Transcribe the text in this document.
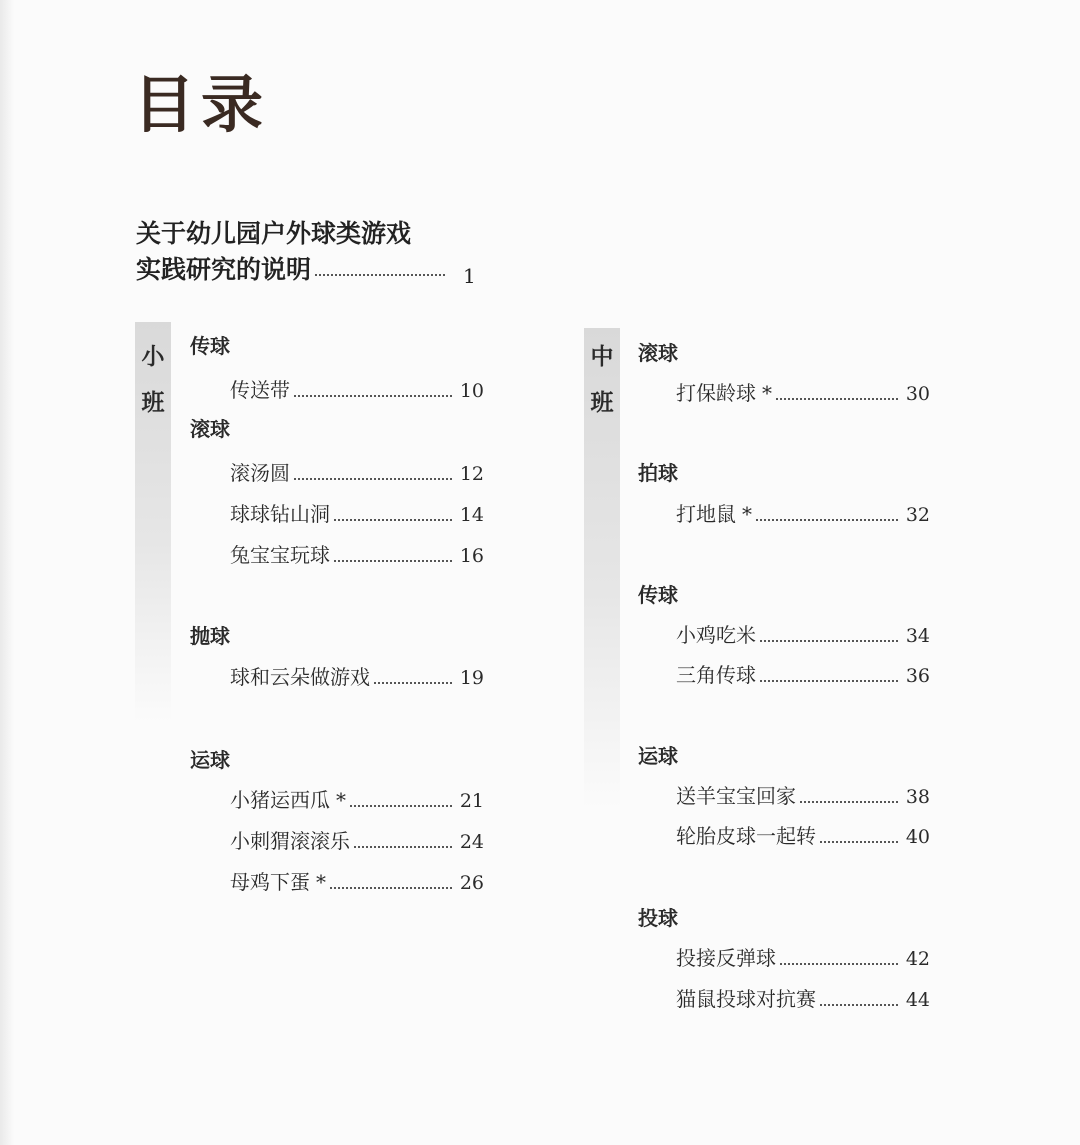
目录
关于幼儿园户外球类游戏
实践研究的说明	1
小
班
传球
传送带	10
滚球
滚汤圆	12
球球钻山洞	14
兔宝宝玩球	16
抛球
球和云朵做游戏	19
运球
小猪运西瓜 *	21
小刺猬滚滚乐	24
母鸡下蛋 *	26
中
班
滚球
打保龄球 *	30
拍球
打地鼠 *	32
传球
小鸡吃米	34
三角传球	36
运球
送羊宝宝回家	38
轮胎皮球一起转	40
投球
投接反弹球	42
猫鼠投球对抗赛	44
